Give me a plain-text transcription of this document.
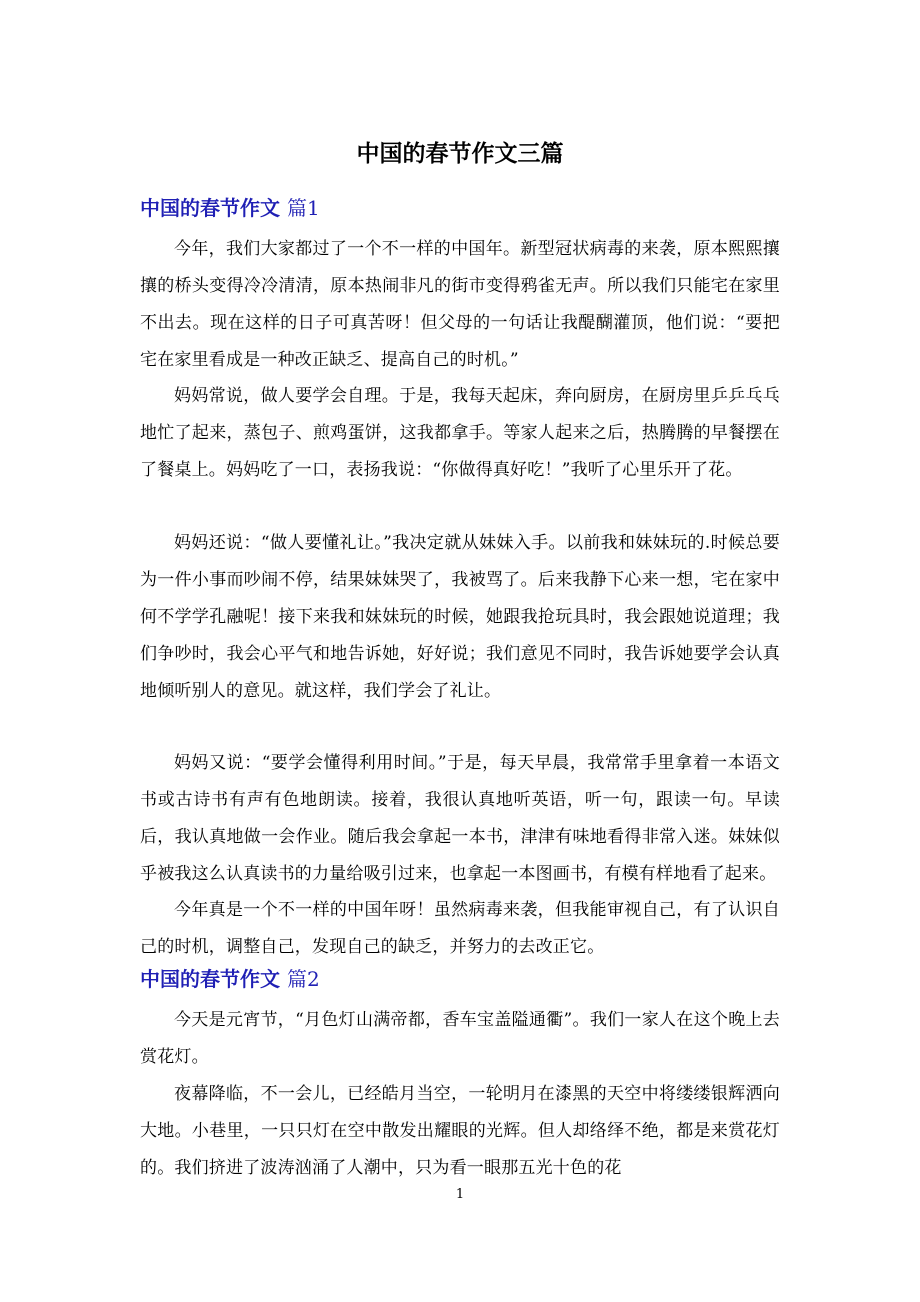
中国的春节作文三篇
中国的春节作文 篇1

今年，我们大家都过了一个不一样的中国年。新型冠状病毒的来袭，原本熙熙攘攘的桥头变得冷冷清清，原本热闹非凡的街市变得鸦雀无声。所以我们只能宅在家里不出去。现在这样的日子可真苦呀！但父母的一句话让我醍醐灌顶，他们说：“要把宅在家里看成是一种改正缺乏、提高自己的时机。”

妈妈常说，做人要学会自理。于是，我每天起床，奔向厨房，在厨房里乒乒乓乓地忙了起来，蒸包子、煎鸡蛋饼，这我都拿手。等家人起来之后，热腾腾的早餐摆在了餐桌上。妈妈吃了一口，表扬我说：“你做得真好吃！”我听了心里乐开了花。

妈妈还说：“做人要懂礼让。”我决定就从妹妹入手。以前我和妹妹玩的.时候总要为一件小事而吵闹不停，结果妹妹哭了，我被骂了。后来我静下心来一想，宅在家中何不学学孔融呢！接下来我和妹妹玩的时候，她跟我抢玩具时，我会跟她说道理；我们争吵时，我会心平气和地告诉她，好好说；我们意见不同时，我告诉她要学会认真地倾听别人的意见。就这样，我们学会了礼让。

妈妈又说：“要学会懂得利用时间。”于是，每天早晨，我常常手里拿着一本语文书或古诗书有声有色地朗读。接着，我很认真地听英语，听一句，跟读一句。早读后，我认真地做一会作业。随后我会拿起一本书，津津有味地看得非常入迷。妹妹似乎被我这么认真读书的力量给吸引过来，也拿起一本图画书，有模有样地看了起来。

今年真是一个不一样的中国年呀！虽然病毒来袭，但我能审视自己，有了认识自己的时机，调整自己，发现自己的缺乏，并努力的去改正它。

中国的春节作文 篇2

今天是元宵节，“月色灯山满帝都，香车宝盖隘通衢”。我们一家人在这个晚上去赏花灯。

夜幕降临，不一会儿，已经皓月当空，一轮明月在漆黑的天空中将缕缕银辉洒向大地。小巷里，一只只灯在空中散发出耀眼的光辉。但人却络绎不绝，都是来赏花灯的。我们挤进了波涛汹涌了人潮中，只为看一眼那五光十色的花

1
